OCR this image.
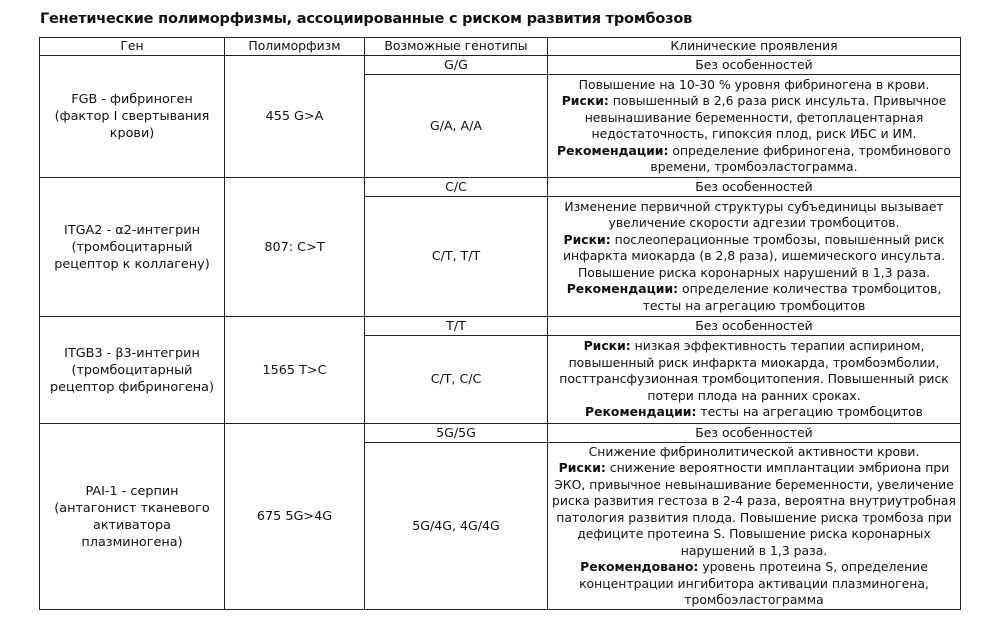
Генетические полиморфизмы, ассоциированные с риском развития тромбозов
Ген	Полиморфизм	Возможные генотипы	Клинические проявления
FGB - фибриноген (фактор I свертывания крови)	455 G>A	G/G	Без особенностей
		G/A, A/A	Повышение на 10-30 % уровня фибриногена в крови.
Риски: повышенный в 2,6 раза риск инсульта. Привычное невынашивание беременности, фетоплацентарная недостаточность, гипоксия плод, риск ИБС и ИМ.
Рекомендации: определение фибриногена, тромбинового времени, тромбоэластограмма.
ITGA2 - α2-интегрин (тромбоцитарный рецептор к коллагену)	807: C>T	C/C	Без особенностей
		C/T, T/T	Изменение первичной структуры субъединицы вызывает увеличение скорости адгезии тромбоцитов.
Риски: послеоперационные тромбозы, повышенный риск инфаркта миокарда (в 2,8 раза), ишемического инсульта. Повышение риска коронарных нарушений в 1,3 раза.
Рекомендации: определение количества тромбоцитов, тесты на агрегацию тромбоцитов
ITGB3 - β3-интегрин (тромбоцитарный рецептор фибриногена)	1565 T>C	T/T	Без особенностей
		C/T, C/C	Риски: низкая эффективность терапии аспирином, повышенный риск инфаркта миокарда, тромбоэмболии, посттрансфузионная тромбоцитопения. Повышенный риск потери плода на ранних сроках.
Рекомендации: тесты на агрегацию тромбоцитов
PAI-1 - серпин (антагонист тканевого активатора плазминогена)	675 5G>4G	5G/5G	Без особенностей
		5G/4G, 4G/4G	Снижение фибринолитической активности крови.
Риски: снижение вероятности имплантации эмбриона при ЭКО, привычное невынашивание беременности, увеличение риска развития гестоза в 2-4 раза, вероятна внутриутробная патология развития плода. Повышение риска тромбоза при дефиците протеина S. Повышение риска коронарных нарушений в 1,3 раза.
Рекомендовано: уровень протеина S, определение концентрации ингибитора активации плазминогена, тромбоэластограмма
